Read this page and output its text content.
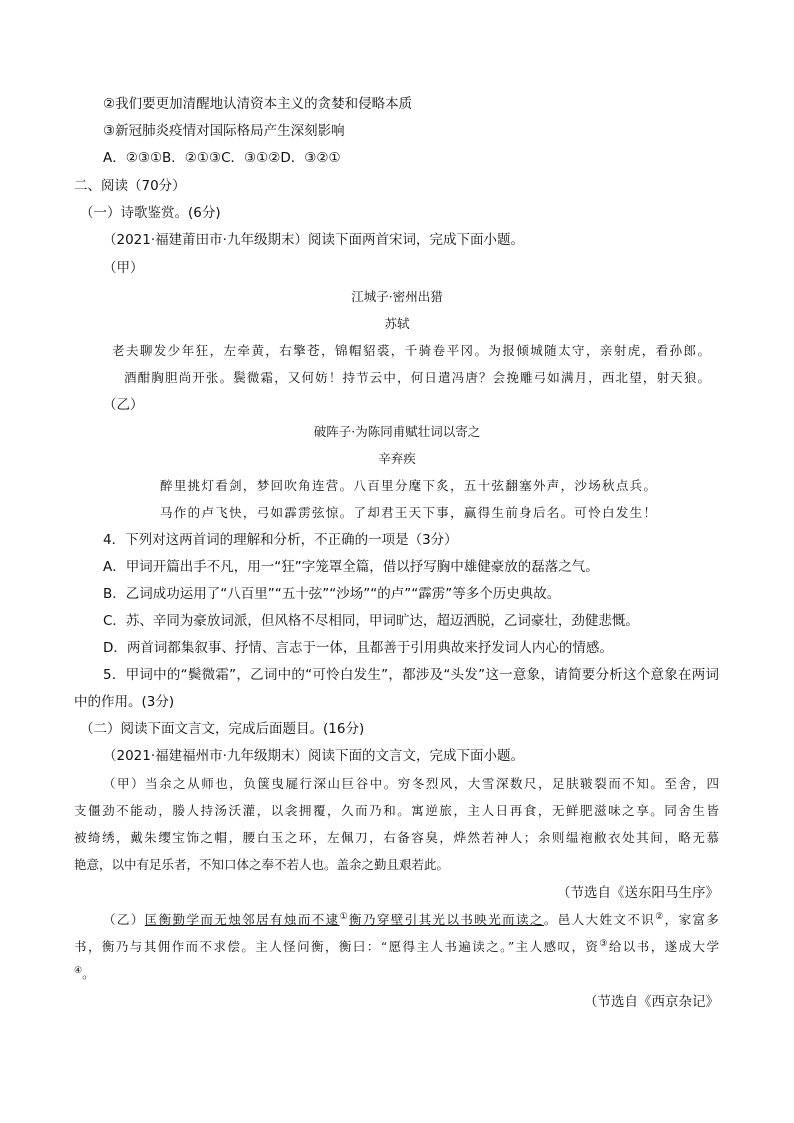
②我们要更加清醒地认清资本主义的贪婪和侵略本质
③新冠肺炎疫情对国际格局产生深刻影响
A．②③①B．②①③C．③①②D．③②①
二、阅读（70分）
（一）诗歌鉴赏。(6分)
（2021·福建莆田市·九年级期末）阅读下面两首宋词，完成下面小题。
（甲）
江城子·密州出猎
苏轼
老夫聊发少年狂，左牵黄，右擎苍，锦帽貂裘，千骑卷平冈。为报倾城随太守，亲射虎，看孙郎。
酒酣胸胆尚开张。鬓微霜，又何妨！持节云中，何日遣冯唐？会挽雕弓如满月，西北望，射天狼。
（乙）
破阵子·为陈同甫赋壮词以寄之
辛弃疾
醉里挑灯看剑，梦回吹角连营。八百里分麾下炙，五十弦翻塞外声，沙场秋点兵。
马作的卢飞快，弓如霹雳弦惊。了却君王天下事，赢得生前身后名。可怜白发生！
4．下列对这两首词的理解和分析，不正确的一项是（3分）
A．甲词开篇出手不凡，用一“狂”字笼罩全篇，借以抒写胸中雄健豪放的磊落之气。
B．乙词成功运用了“八百里”“五十弦”“沙场”“的卢”“霹雳”等多个历史典故。
C．苏、辛同为豪放词派，但风格不尽相同，甲词旷达，超迈洒脱，乙词豪壮，劲健悲慨。
D．两首词都集叙事、抒情、言志于一体，且都善于引用典故来抒发词人内心的情感。
5．甲词中的“鬓微霜”，乙词中的“可怜白发生”，都涉及“头发”这一意象，请简要分析这个意象在两词
中的作用。(3分)
（二）阅读下面文言文，完成后面题目。(16分)
（2021·福建福州市·九年级期末）阅读下面的文言文，完成下面小题。
（甲）当余之从师也，负箧曳屣行深山巨谷中。穷冬烈风，大雪深数尺，足肤皲裂而不知。至舍，四
支僵劲不能动，媵人持汤沃灌，以衾拥覆，久而乃和。寓逆旅，主人日再食，无鲜肥滋味之享。同舍生皆
被绮绣，戴朱缨宝饰之帽，腰白玉之环，左佩刀，右备容臭，烨然若神人；余则缊袍敝衣处其间，略无慕
艳意，以中有足乐者，不知口体之奉不若人也。盖余之勤且艰若此。
（节选自《送东阳马生序》
（乙）匡衡勤学而无烛邻居有烛而不逮①衡乃穿壁引其光以书映光而读之。邑人大姓文不识②，家富多
书，衡乃与其佣作而不求偿。主人怪问衡，衡曰：“愿得主人书遍读之。”主人感叹，资③给以书，遂成大学
④。
（节选自《西京杂记》
